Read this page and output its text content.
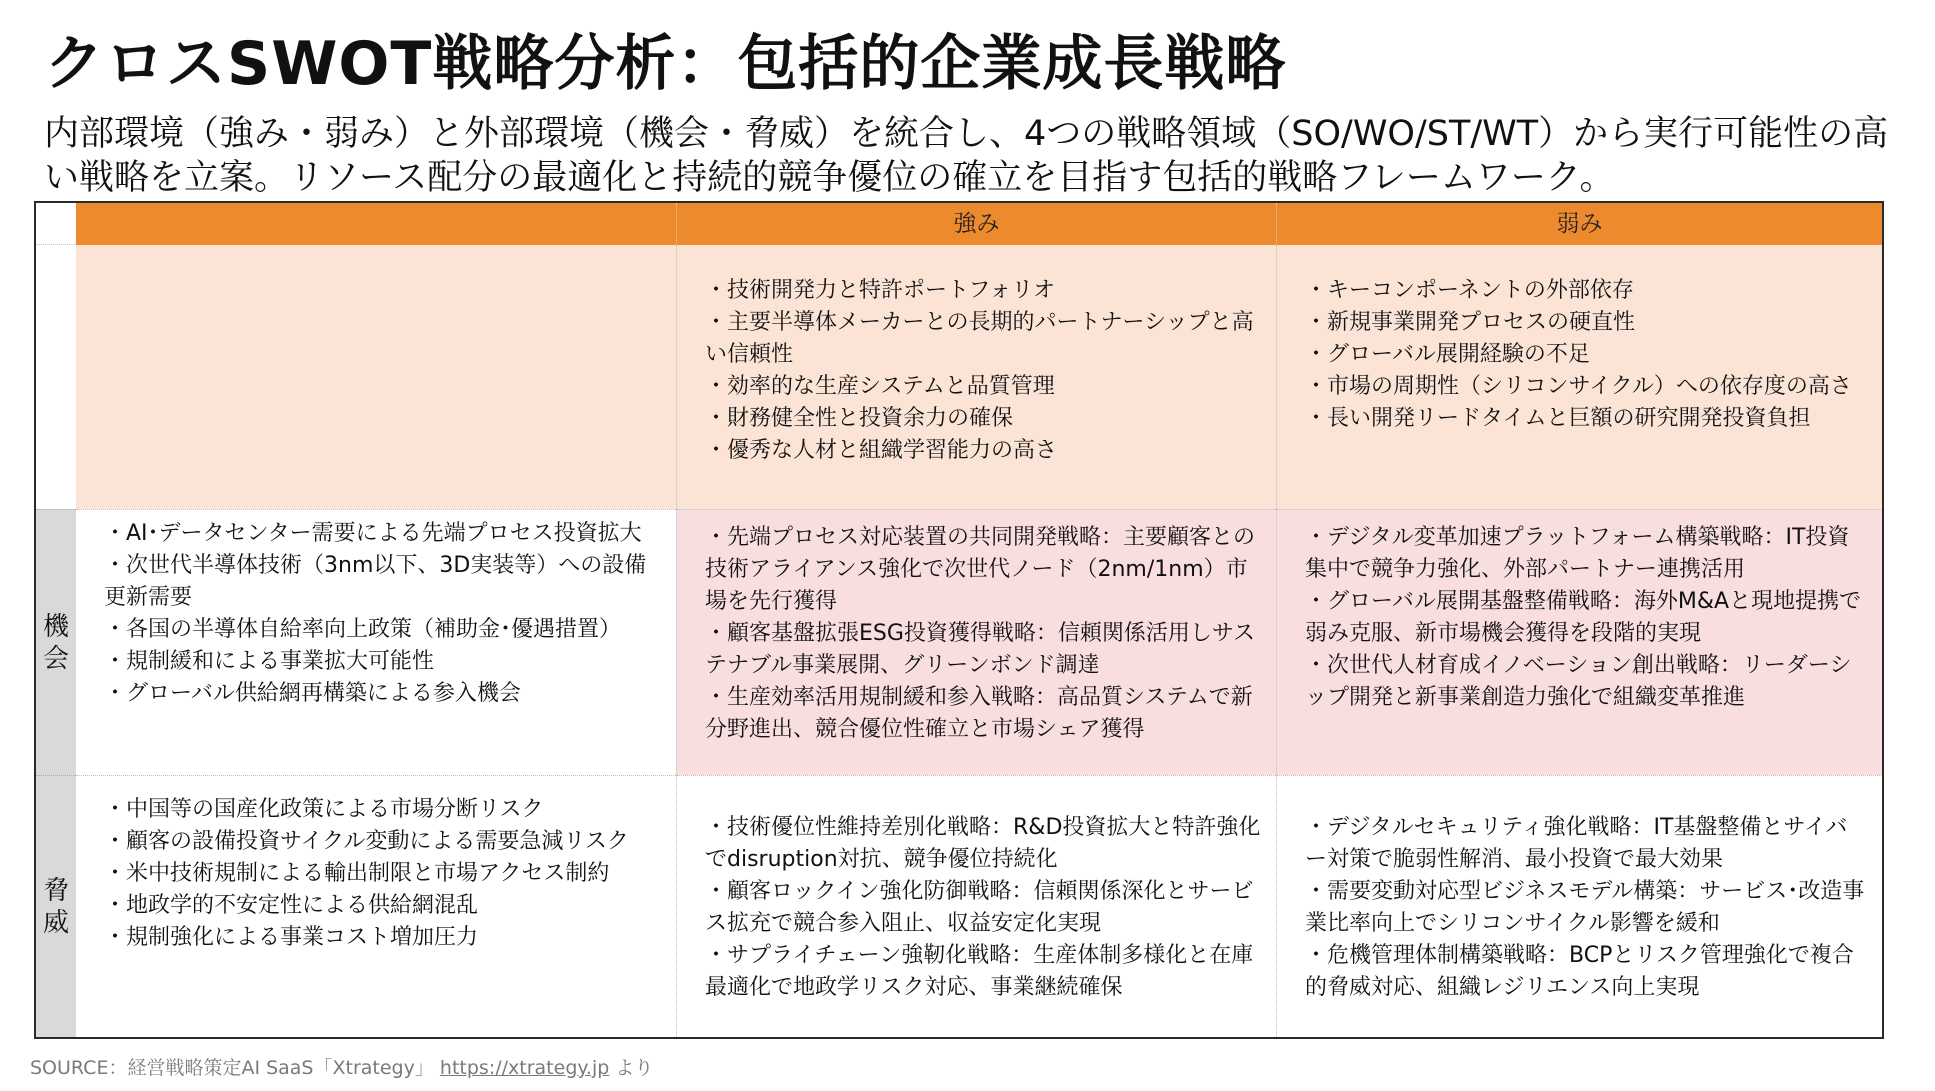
クロスSWOT戦略分析：包括的企業成長戦略
内部環境（強み・弱み）と外部環境（機会・脅威）を統合し、4つの戦略領域（SO/WO/ST/WT）から実行可能性の高い戦略を立案。リソース配分の最適化と持続的競争優位の確立を目指す包括的戦略フレームワーク。
強み	弱み

・技術開発力と特許ポートフォリオ

・主要半導体メーカーとの長期的パートナーシップと高い信頼性

・効率的な生産システムと品質管理

・財務健全性と投資余力の確保

・優秀な人材と組織学習能力の高さ

・キーコンポーネントの外部依存

・新規事業開発プロセスの硬直性

・グローバル展開経験の不足

・市場の周期性（シリコンサイクル）への依存度の高さ

・長い開発リードタイムと巨額の研究開発投資負担

機会

・AI･データセンター需要による先端プロセス投資拡大

・次世代半導体技術（3nm以下、3D実装等）への設備更新需要

・各国の半導体自給率向上政策（補助金･優遇措置）

・規制緩和による事業拡大可能性

・グローバル供給網再構築による参入機会

・先端プロセス対応装置の共同開発戦略：主要顧客との技術アライアンス強化で次世代ノード（2nm/1nm）市場を先行獲得

・顧客基盤拡張ESG投資獲得戦略：信頼関係活用しサステナブル事業展開、グリーンボンド調達

・生産効率活用規制緩和参入戦略：高品質システムで新分野進出、競合優位性確立と市場シェア獲得

・デジタル変革加速プラットフォーム構築戦略：IT投資集中で競争力強化、外部パートナー連携活用

・グローバル展開基盤整備戦略：海外M&Aと現地提携で弱み克服、新市場機会獲得を段階的実現

・次世代人材育成イノベーション創出戦略：リーダーシップ開発と新事業創造力強化で組織変革推進

脅威

・中国等の国産化政策による市場分断リスク

・顧客の設備投資サイクル変動による需要急減リスク

・米中技術規制による輸出制限と市場アクセス制約

・地政学的不安定性による供給網混乱

・規制強化による事業コスト増加圧力

・技術優位性維持差別化戦略：R&D投資拡大と特許強化でdisruption対抗、競争優位持続化

・顧客ロックイン強化防御戦略：信頼関係深化とサービス拡充で競合参入阻止、収益安定化実現

・サプライチェーン強靭化戦略：生産体制多様化と在庫最適化で地政学リスク対応、事業継続確保

・デジタルセキュリティ強化戦略：IT基盤整備とサイバー対策で脆弱性解消、最小投資で最大効果

・需要変動対応型ビジネスモデル構築：サービス･改造事業比率向上でシリコンサイクル影響を緩和

・危機管理体制構築戦略：BCPとリスク管理強化で複合的脅威対応、組織レジリエンス向上実現

SOURCE：経営戦略策定AI SaaS「Xtrategy」 https://xtrategy.jp より
